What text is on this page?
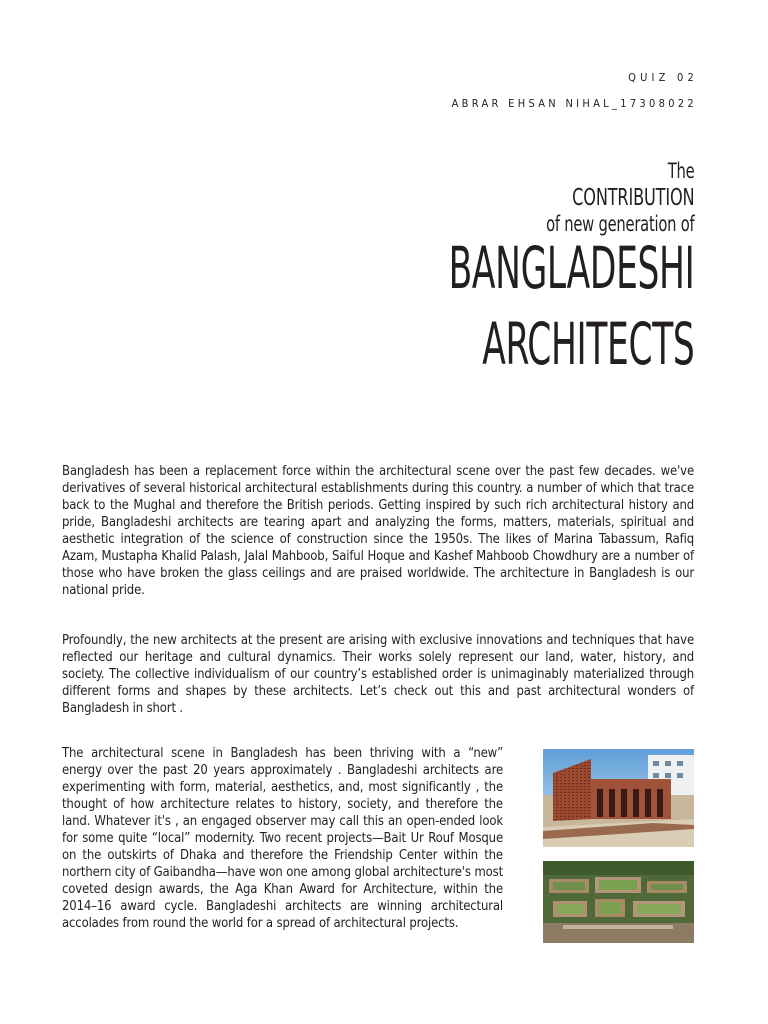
QUIZ 02
ABRAR EHSAN NIHAL_17308022
The
CONTRIBUTION
of new generation of
BANGLADESHI
ARCHITECTS

Bangladesh has been a replacement force within the architectural scene over the past few decades. we've derivatives of several historical architectural establishments during this country. a number of which that trace back to the Mughal and therefore the British periods. Getting inspired by such rich architectural history and pride, Bangladeshi architects are tearing apart and analyzing the forms, matters, materials, spiritual and aesthetic integration of the science of construction since the 1950s. The likes of Marina Tabassum, Rafiq Azam, Mustapha Khalid Palash, Jalal Mahboob, Saiful Hoque and Kashef Mahboob Chowdhury are a number of those who have broken the glass ceilings and are praised worldwide. The architecture in Bangladesh is our national pride.

Profoundly, the new architects at the present are arising with exclusive innovations and techniques that have reflected our heritage and cultural dynamics. Their works solely represent our land, water, history, and society. The collective individualism of our country’s established order is unimaginably materialized through different forms and shapes by these architects. Let’s check out this and past architectural wonders of Bangladesh in short .

The architectural scene in Bangladesh has been thriving with a “new” energy over the past 20 years approximately . Bangladeshi architects are experimenting with form, material, aesthetics, and, most significantly , the thought of how architecture relates to history, society, and therefore the land. Whatever it's , an engaged observer may call this an open-ended look for some quite “local” modernity. Two recent projects—Bait Ur Rouf Mosque on the outskirts of Dhaka and therefore the Friendship Center within the northern city of Gaibandha—have won one among global architecture's most coveted design awards, the Aga Khan Award for Architecture, within the 2014–16 award cycle. Bangladeshi architects are winning architectural accolades from round the world for a spread of architectural projects.
